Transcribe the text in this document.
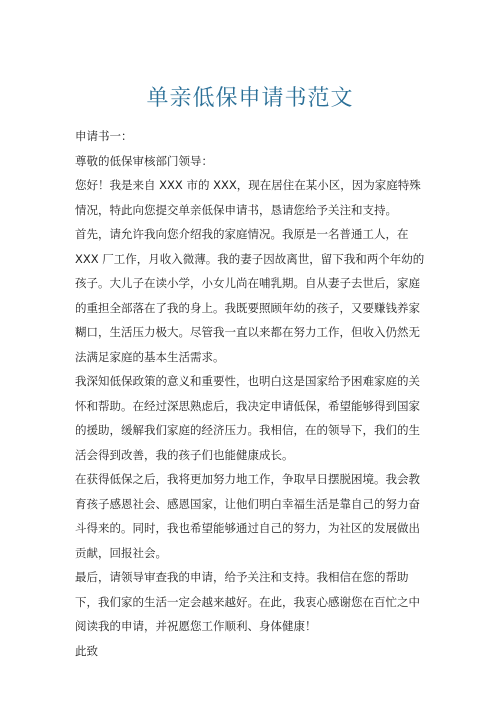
单亲低保申请书范文

申请书一：

尊敬的低保审核部门领导：

您好！我是来自 XXX 市的 XXX，现在居住在某小区，因为家庭特殊情况，特此向您提交单亲低保申请书，恳请您给予关注和支持。

首先，请允许我向您介绍我的家庭情况。我原是一名普通工人，在 XXX 厂工作，月收入微薄。我的妻子因故离世，留下我和两个年幼的孩子。大儿子在读小学，小女儿尚在哺乳期。自从妻子去世后，家庭的重担全部落在了我的身上。我既要照顾年幼的孩子，又要赚钱养家糊口，生活压力极大。尽管我一直以来都在努力工作，但收入仍然无法满足家庭的基本生活需求。

我深知低保政策的意义和重要性，也明白这是国家给予困难家庭的关怀和帮助。在经过深思熟虑后，我决定申请低保，希望能够得到国家的援助，缓解我们家庭的经济压力。我相信，在的领导下，我们的生活会得到改善，我的孩子们也能健康成长。

在获得低保之后，我将更加努力地工作，争取早日摆脱困境。我会教育孩子感恩社会、感恩国家，让他们明白幸福生活是靠自己的努力奋斗得来的。同时，我也希望能够通过自己的努力，为社区的发展做出贡献，回报社会。

最后，请领导审查我的申请，给予关注和支持。我相信在您的帮助下，我们家的生活一定会越来越好。在此，我衷心感谢您在百忙之中阅读我的申请，并祝愿您工作顺利、身体健康！

此致
